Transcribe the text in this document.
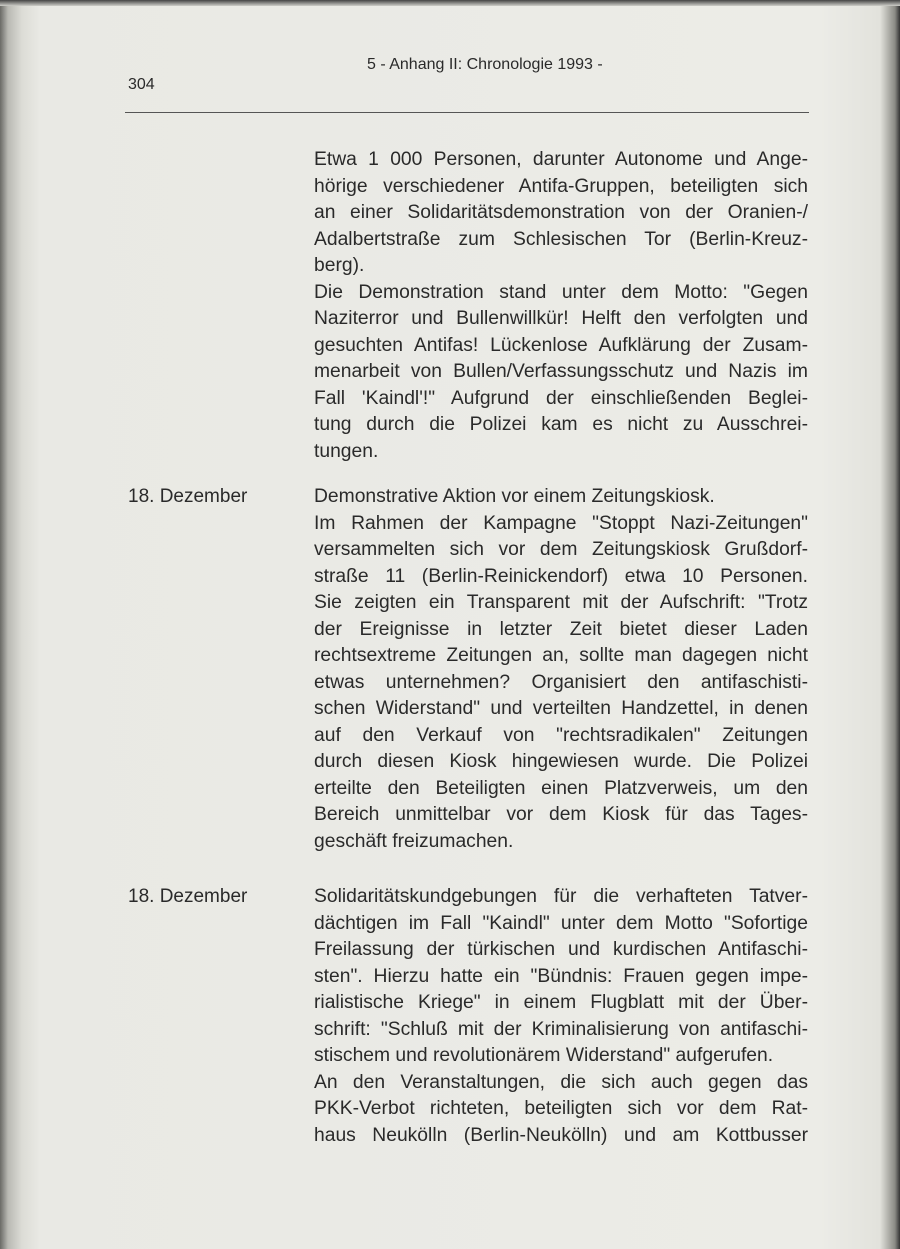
304
5 - Anhang II: Chronologie 1993 -
Etwa 1 000 Personen, darunter Autonome und Ange-
hörige verschiedener Antifa-Gruppen, beteiligten sich
an einer Solidaritätsdemonstration von der Oranien-/
Adalbertstraße zum Schlesischen Tor (Berlin-Kreuz-
berg).
Die Demonstration stand unter dem Motto: "Gegen
Naziterror und Bullenwillkür! Helft den verfolgten und
gesuchten Antifas! Lückenlose Aufklärung der Zusam-
menarbeit von Bullen/Verfassungsschutz und Nazis im
Fall 'Kaindl'!" Aufgrund der einschließenden Beglei-
tung durch die Polizei kam es nicht zu Ausschrei-
tungen.
18. Dezember	Demonstrative Aktion vor einem Zeitungskiosk.
Im Rahmen der Kampagne "Stoppt Nazi-Zeitungen"
versammelten sich vor dem Zeitungskiosk Grußdorf-
straße 11 (Berlin-Reinickendorf) etwa 10 Personen.
Sie zeigten ein Transparent mit der Aufschrift: "Trotz
der Ereignisse in letzter Zeit bietet dieser Laden
rechtsextreme Zeitungen an, sollte man dagegen nicht
etwas unternehmen? Organisiert den antifaschisti-
schen Widerstand" und verteilten Handzettel, in denen
auf den Verkauf von "rechtsradikalen" Zeitungen
durch diesen Kiosk hingewiesen wurde. Die Polizei
erteilte den Beteiligten einen Platzverweis, um den
Bereich unmittelbar vor dem Kiosk für das Tages-
geschäft freizumachen.
18. Dezember	Solidaritätskundgebungen für die verhafteten Tatver-
dächtigen im Fall "Kaindl" unter dem Motto "Sofortige
Freilassung der türkischen und kurdischen Antifaschi-
sten". Hierzu hatte ein "Bündnis: Frauen gegen impe-
rialistische Kriege" in einem Flugblatt mit der Über-
schrift: "Schluß mit der Kriminalisierung von antifaschi-
stischem und revolutionärem Widerstand" aufgerufen.
An den Veranstaltungen, die sich auch gegen das
PKK-Verbot richteten, beteiligten sich vor dem Rat-
haus Neukölln (Berlin-Neukölln) und am Kottbusser
